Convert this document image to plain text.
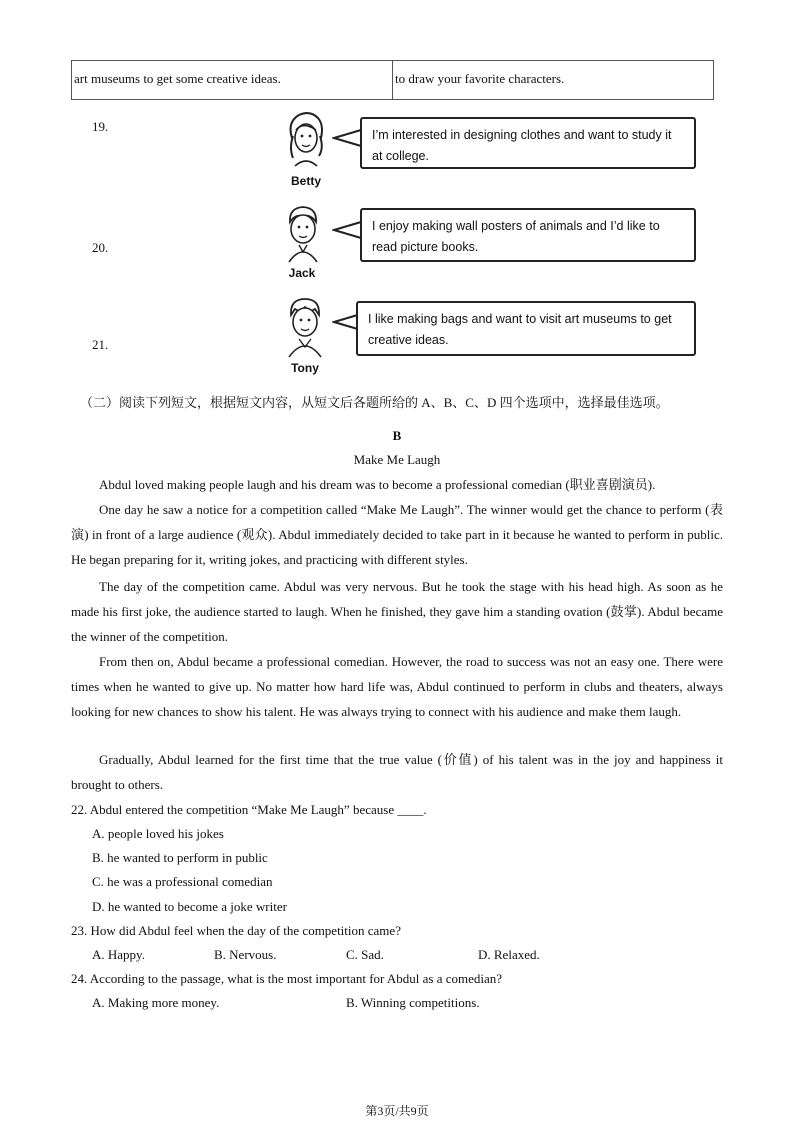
art museums to get some creative ideas.	to draw your favorite characters.
19.
Betty
I’m interested in designing clothes and want to study it
at college.
20.
Jack
I enjoy making wall posters of animals and I’d like to
read picture books.
21.
Tony
I like making bags and want to visit art museums to get
creative ideas.
（二）阅读下列短文，根据短文内容，从短文后各题所给的 A、B、C、D 四个选项中，选择最佳选项。
B
Make Me Laugh

Abdul loved making people laugh and his dream was to become a professional comedian (职业喜剧演员).

One day he saw a notice for a competition called “Make Me Laugh”. The winner would get the chance to perform (表演) in front of a large audience (观众). Abdul immediately decided to take part in it because he wanted to perform in public. He began preparing for it, writing jokes, and practicing with different styles.

The day of the competition came. Abdul was very nervous. But he took the stage with his head high. As soon as he made his first joke, the audience started to laugh. When he finished, they gave him a standing ovation (鼓掌). Abdul became the winner of the competition.

From then on, Abdul became a professional comedian. However, the road to success was not an easy one. There were times when he wanted to give up. No matter how hard life was, Abdul continued to perform in clubs and theaters, always looking for new chances to show his talent. He was always trying to connect with his audience and make them laugh.

Gradually, Abdul learned for the first time that the true value (价值) of his talent was in the joy and happiness it brought to others.

22. Abdul entered the competition “Make Me Laugh” because ____.
A. people loved his jokes
B. he wanted to perform in public
C. he was a professional comedian
D. he wanted to become a joke writer
23. How did Abdul feel when the day of the competition came?
A. Happy.	B. Nervous.	C. Sad.	D. Relaxed.
24. According to the passage, what is the most important for Abdul as a comedian?
A. Making more money.	B. Winning competitions.
第3页/共9页
